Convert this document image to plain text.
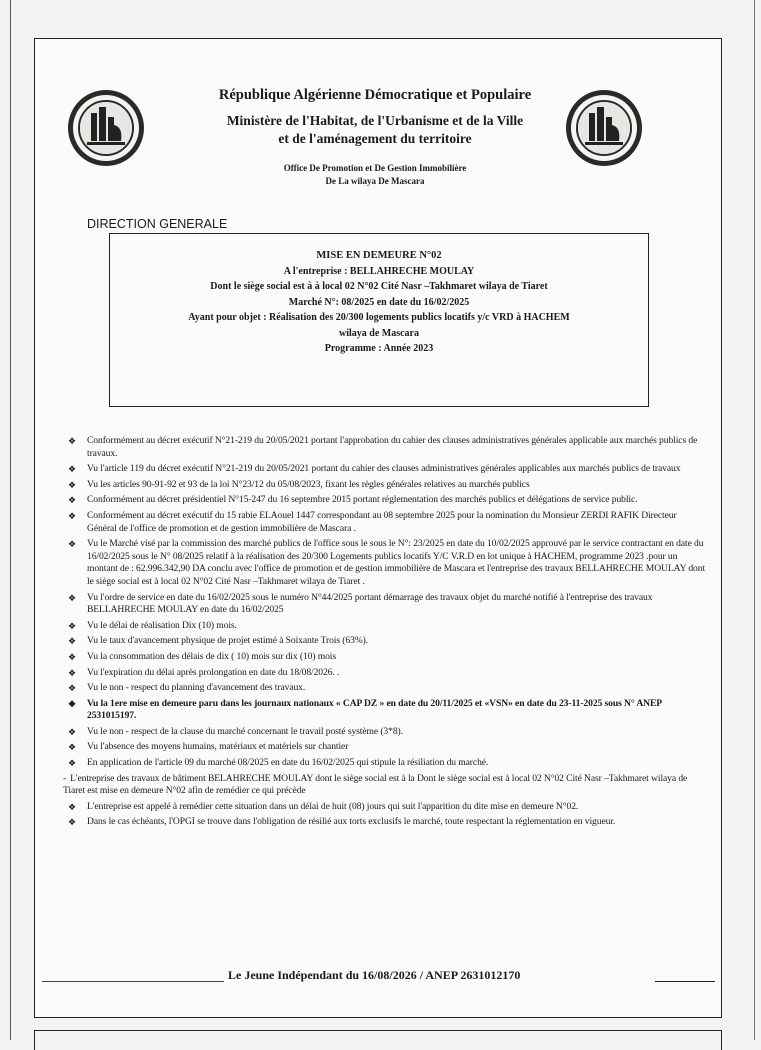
République Algérienne Démocratique et Populaire
Ministère de l'Habitat, de l'Urbanisme et de la Ville
et de l'aménagement du territoire
Office De Promotion et De Gestion Immobilière
De La wilaya De Mascara
DIRECTION GENERALE
MISE EN DEMEURE N°02
A l'entreprise : BELLAHRECHE MOULAY
Dont le siège social est à à local 02 N°02 Cité Nasr –Takhmaret wilaya de Tiaret
Marché N°: 08/2025 en date du 16/02/2025
Ayant pour objet : Réalisation des 20/300 logements publics locatifs y/c VRD à HACHEM
wilaya de Mascara
Programme : Année 2023
❖ Conformément au décret exécutif N°21-219 du 20/05/2021 portant l'approbation du cahier des clauses administratives générales applicable aux marchés publics de travaux.
❖ Vu l'article 119 du décret exécutif N°21-219 du 20/05/2021 portant du cahier des clauses administratives générales applicables aux marchés publics de travaux
❖ Vu les articles 90-91-92 et 93 de la loi N°23/12 du 05/08/2023, fixant les règles générales relatives au marchés publics
❖ Conformément au décret présidentiel N°15-247 du 16 septembre 2015 portant réglementation des marchés publics et délégations de service public.
❖ Conformément au décret exécutif du 15 rabie ELAouel 1447 correspondant au 08 septembre 2025 pour la nomination du Monsieur ZERDI RAFIK Directeur Général de l'office de promotion et de gestion immobilière de Mascara .
❖ Vu le Marché visé par la commission des marché publics de l'office sous le sous le N°: 23/2025 en date du 10/02/2025 approuvé par le service contractant en date du 16/02/2025 sous le N° 08/2025 relatif à la réalisation des 20/300 Logements publics locatifs Y/C V.R.D en lot unique à HACHEM, programme 2023 .pour un montant de : 62.996.342,90 DA conclu avec l'office de promotion et de gestion immobilière de Mascara et l'entreprise des travaux BELLAHRECHE MOULAY dont le siège social est à local 02 N°02 Cité Nasr –Takhmaret wilaya de Tiaret .
❖ Vu l'ordre de service en date du 16/02/2025 sous le numéro N°44/2025 portant démarrage des travaux objet du marché notifié à l'entreprise des travaux BELLAHRECHE MOULAY en date du 16/02/2025
❖ Vu le délai de réalisation Dix (10) mois.
❖ Vu le taux d'avancement physique de projet estimé à Soixante Trois (63%).
❖ Vu la consommation des délais de dix ( 10) mois sur dix (10) mois
❖ Vu l'expiration du délai après prolongation en date du 18/08/2026. .
❖ Vu le non - respect du planning d'avancement des travaux.
❖ Vu la 1ere mise en demeure paru dans les journaux nationaux « CAP DZ » en date du 20/11/2025 et «VSN» en date du 23-11-2025 sous N° ANEP 2531015197.
❖ Vu le non - respect de la clause du marché concernant le travail posté système (3*8).
❖ Vu l'absence des moyens humains, matériaux et matériels sur chantier
❖ En application de l'article 09 du marché 08/2025 en date du 16/02/2025 qui stipule la résiliation du marché.
- L'entreprise des travaux de bâtiment BELAHRECHE MOULAY dont le siège social est à la Dont le siège social est à local 02 N°02 Cité Nasr –Takhmaret wilaya de Tiaret est mise en demeure N°02 afin de remédier ce qui précède
❖ L'entreprise est appelé à remédier cette situation dans un délai de huit (08) jours qui suit l'apparition du dite mise en demeure N°02.
❖ Dans le cas échéants, l'OPGI se trouve dans l'obligation de résilié aux torts exclusifs le marché, toute respectant la réglementation en vigueur.
Le Jeune Indépendant du 16/08/2026 / ANEP 2631012170
